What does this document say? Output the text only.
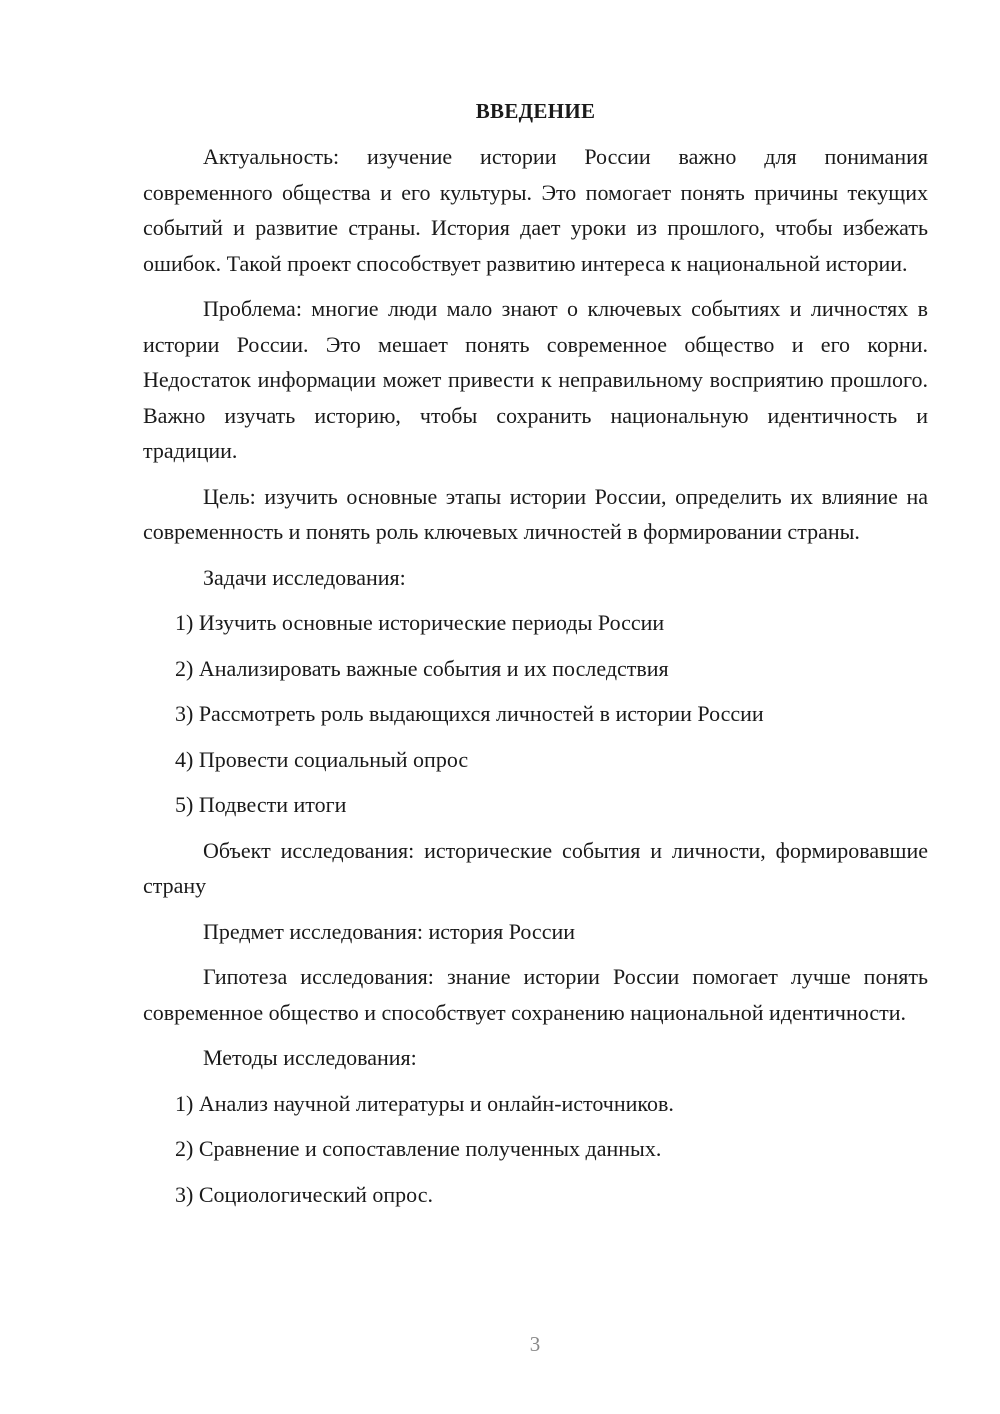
ВВЕДЕНИЕ

Актуальность: изучение истории России важно для понимания современного общества и его культуры. Это помогает понять причины текущих событий и развитие страны. История дает уроки из прошлого, чтобы избежать ошибок. Такой проект способствует развитию интереса к национальной истории.

Проблема: многие люди мало знают о ключевых событиях и личностях в истории России. Это мешает понять современное общество и его корни. Недостаток информации может привести к неправильному восприятию прошлого. Важно изучать историю, чтобы сохранить национальную идентичность и традиции.

Цель: изучить основные этапы истории России, определить их влияние на современность и понять роль ключевых личностей в формировании страны.

Задачи исследования:

1) Изучить основные исторические периоды России
2) Анализировать важные события и их последствия
3) Рассмотреть роль выдающихся личностей в истории России
4) Провести социальный опрос
5) Подвести итоги

Объект исследования: исторические события и личности, формировавшие страну

Предмет исследования: история России

Гипотеза исследования: знание истории России помогает лучше понять современное общество и способствует сохранению национальной идентичности.

Методы исследования:

1) Анализ научной литературы и онлайн-источников.
2) Сравнение и сопоставление полученных данных.
3) Социологический опрос.
3
